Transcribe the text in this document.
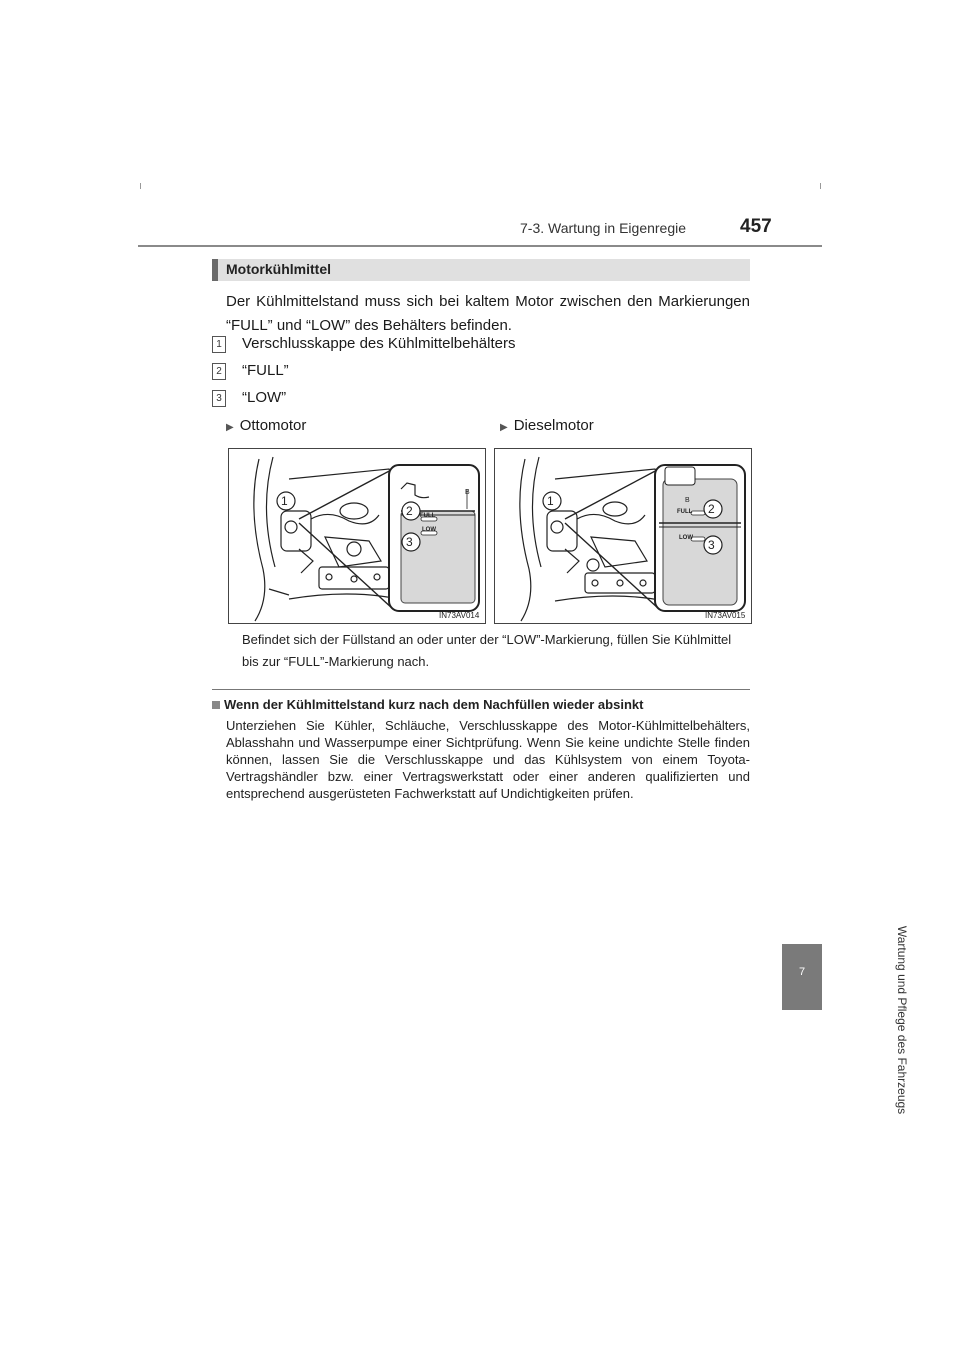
7-3. Wartung in Eigenregie	457
7	Wartung und Pflege des Fahrzeugs
Motorkühlmittel
Der Kühlmittelstand muss sich bei kaltem Motor zwischen den Markierungen “FULL” und “LOW” des Behälters befinden.
1 Verschlusskappe des Kühlmittelbehälters
2 “FULL”
3 “LOW”
▶ Ottomotor	▶ Dieselmotor
FULL
LOW
B
1
2
3
IN73AV014
FULL
LOW
B
1
2
3
IN73AV015
Befindet sich der Füllstand an oder unter der “LOW”-Markierung, füllen Sie Kühlmittel bis zur “FULL”-Markierung nach.
Wenn der Kühlmittelstand kurz nach dem Nachfüllen wieder absinkt
Unterziehen Sie Kühler, Schläuche, Verschlusskappe des Motor-Kühlmittelbehälters, Ablasshahn und Wasserpumpe einer Sichtprüfung. Wenn Sie keine undichte Stelle finden können, lassen Sie die Verschlusskappe und das Kühlsystem von einem Toyota-Vertragshändler bzw. einer Vertragswerkstatt oder einer anderen qualifizierten und entsprechend ausgerüsteten Fachwerkstatt auf Undichtigkeiten prüfen.
